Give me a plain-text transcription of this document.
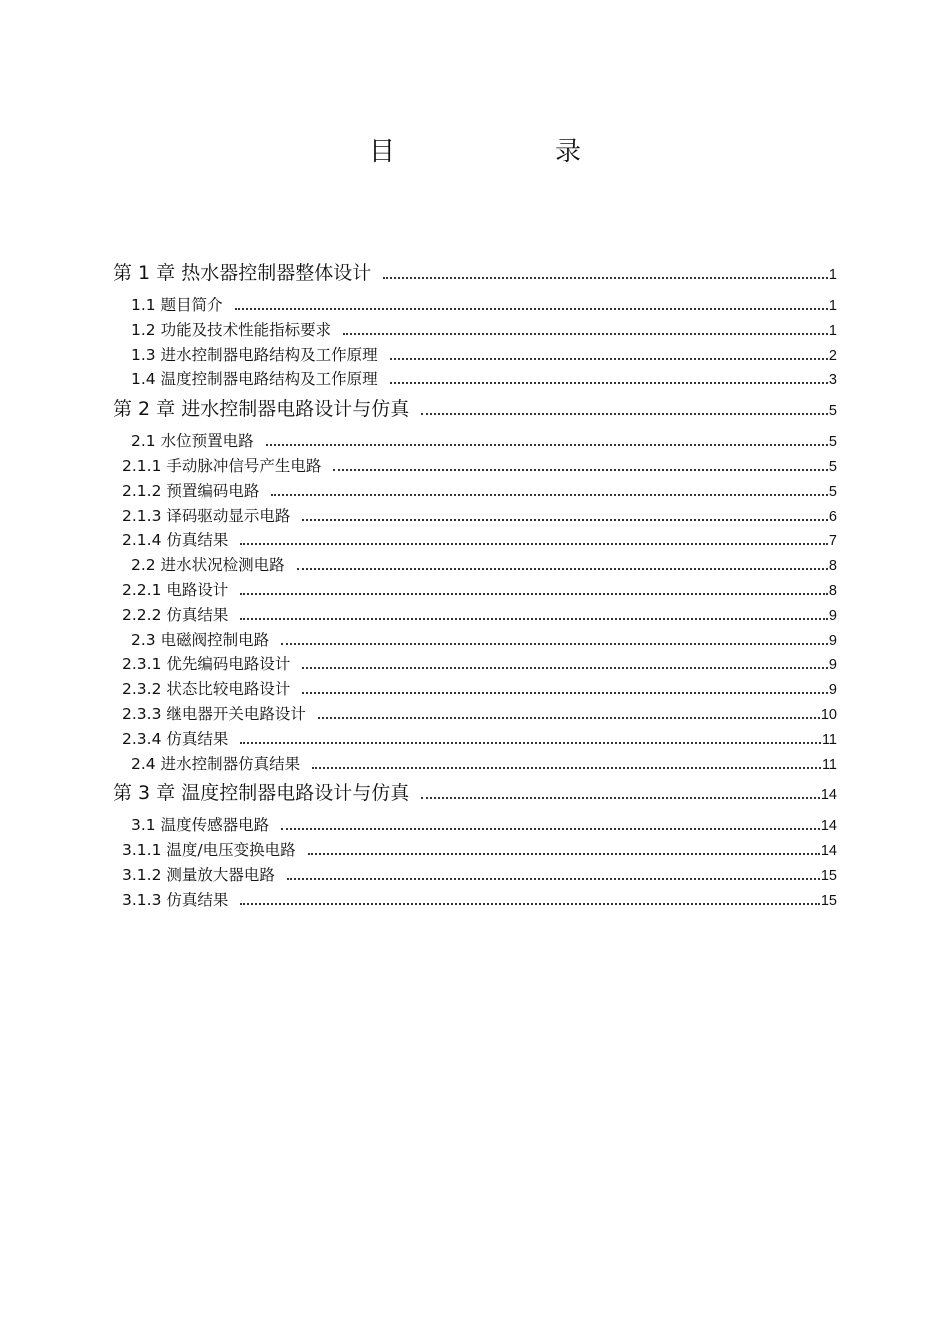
目　　录
第 1 章 热水器控制器整体设计	1
1.1 题目简介	1
1.2 功能及技术性能指标要求	1
1.3 进水控制器电路结构及工作原理	2
1.4 温度控制器电路结构及工作原理	3
第 2 章 进水控制器电路设计与仿真	5
2.1 水位预置电路	5
2.1.1 手动脉冲信号产生电路	5
2.1.2 预置编码电路	5
2.1.3 译码驱动显示电路	6
2.1.4 仿真结果	7
2.2 进水状况检测电路	8
2.2.1 电路设计	8
2.2.2 仿真结果	9
2.3 电磁阀控制电路	9
2.3.1 优先编码电路设计	9
2.3.2 状态比较电路设计	9
2.3.3 继电器开关电路设计	10
2.3.4 仿真结果	11
2.4 进水控制器仿真结果	11
第 3 章 温度控制器电路设计与仿真	14
3.1 温度传感器电路	14
3.1.1 温度/电压变换电路	14
3.1.2 测量放大器电路	15
3.1.3 仿真结果	15
